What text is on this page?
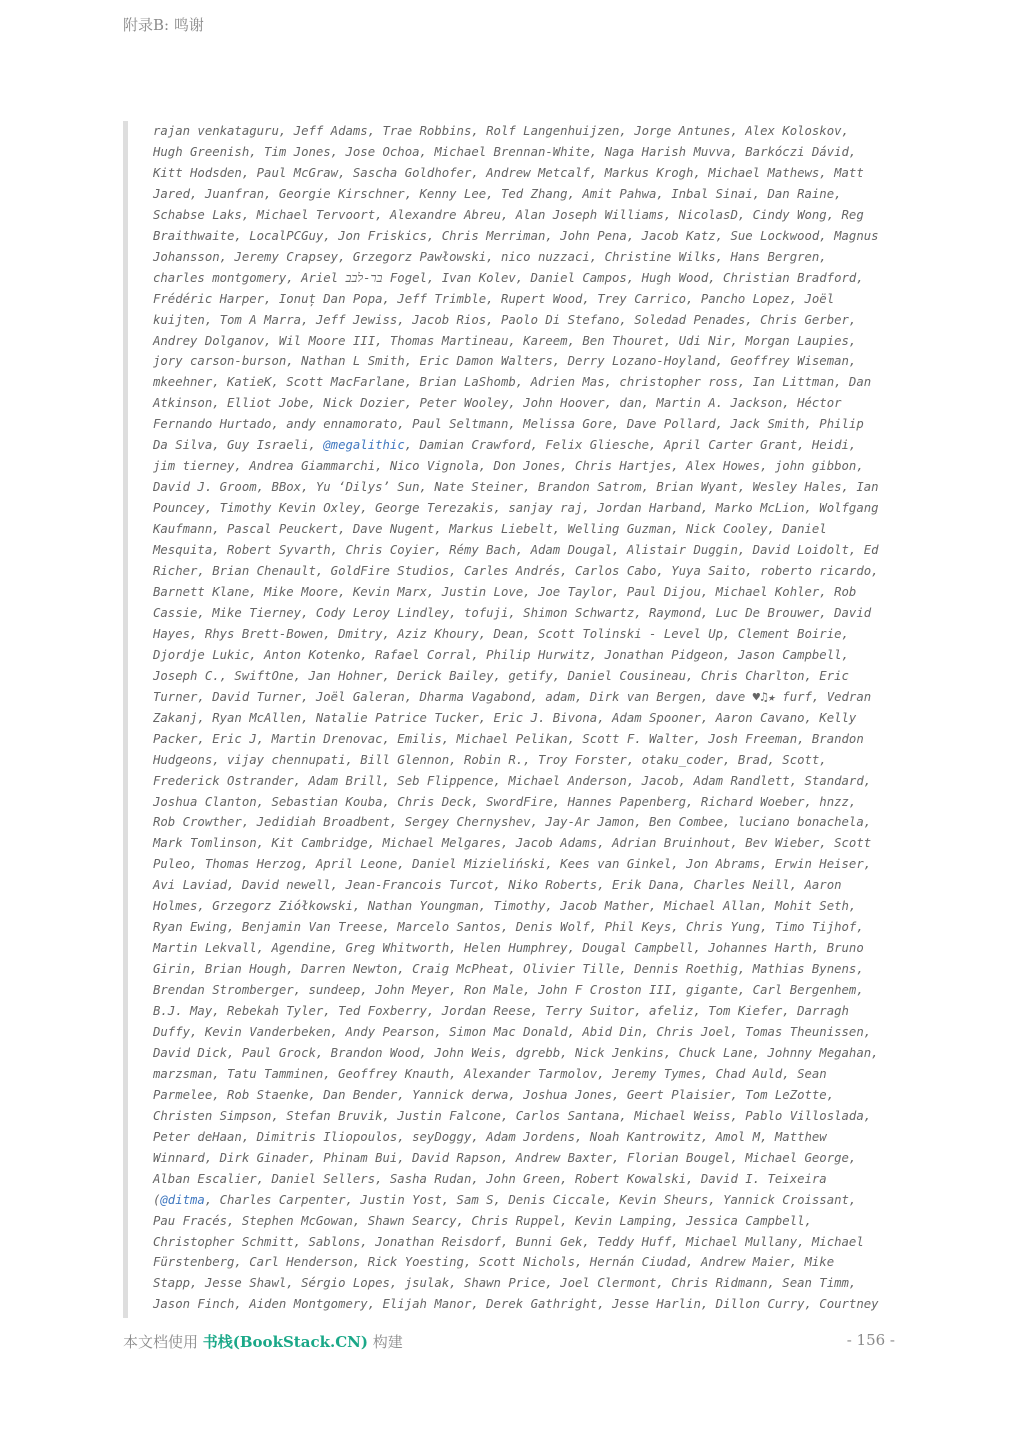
附录B: 鸣谢
rajan venkataguru, Jeff Adams, Trae Robbins, Rolf Langenhuijzen, Jorge Antunes, Alex Koloskov,
Hugh Greenish, Tim Jones, Jose Ochoa, Michael Brennan-White, Naga Harish Muvva, Barkóczi Dávid,
Kitt Hodsden, Paul McGraw, Sascha Goldhofer, Andrew Metcalf, Markus Krogh, Michael Mathews, Matt
Jared, Juanfran, Georgie Kirschner, Kenny Lee, Ted Zhang, Amit Pahwa, Inbal Sinai, Dan Raine,
Schabse Laks, Michael Tervoort, Alexandre Abreu, Alan Joseph Williams, NicolasD, Cindy Wong, Reg
Braithwaite, LocalPCGuy, Jon Friskics, Chris Merriman, John Pena, Jacob Katz, Sue Lockwood, Magnus
Johansson, Jeremy Crapsey, Grzegorz Pawłowski, nico nuzzaci, Christine Wilks, Hans Bergren,
charles montgomery, Ariel בר-לבב Fogel, Ivan Kolev, Daniel Campos, Hugh Wood, Christian Bradford,
Frédéric Harper, Ionuț Dan Popa, Jeff Trimble, Rupert Wood, Trey Carrico, Pancho Lopez, Joël
kuijten, Tom A Marra, Jeff Jewiss, Jacob Rios, Paolo Di Stefano, Soledad Penades, Chris Gerber,
Andrey Dolganov, Wil Moore III, Thomas Martineau, Kareem, Ben Thouret, Udi Nir, Morgan Laupies,
jory carson-burson, Nathan L Smith, Eric Damon Walters, Derry Lozano-Hoyland, Geoffrey Wiseman,
mkeehner, KatieK, Scott MacFarlane, Brian LaShomb, Adrien Mas, christopher ross, Ian Littman, Dan
Atkinson, Elliot Jobe, Nick Dozier, Peter Wooley, John Hoover, dan, Martin A. Jackson, Héctor
Fernando Hurtado, andy ennamorato, Paul Seltmann, Melissa Gore, Dave Pollard, Jack Smith, Philip
Da Silva, Guy Israeli, @megalithic, Damian Crawford, Felix Gliesche, April Carter Grant, Heidi,
jim tierney, Andrea Giammarchi, Nico Vignola, Don Jones, Chris Hartjes, Alex Howes, john gibbon,
David J. Groom, BBox, Yu ‘Dilys’ Sun, Nate Steiner, Brandon Satrom, Brian Wyant, Wesley Hales, Ian
Pouncey, Timothy Kevin Oxley, George Terezakis, sanjay raj, Jordan Harband, Marko McLion, Wolfgang
Kaufmann, Pascal Peuckert, Dave Nugent, Markus Liebelt, Welling Guzman, Nick Cooley, Daniel
Mesquita, Robert Syvarth, Chris Coyier, Rémy Bach, Adam Dougal, Alistair Duggin, David Loidolt, Ed
Richer, Brian Chenault, GoldFire Studios, Carles Andrés, Carlos Cabo, Yuya Saito, roberto ricardo,
Barnett Klane, Mike Moore, Kevin Marx, Justin Love, Joe Taylor, Paul Dijou, Michael Kohler, Rob
Cassie, Mike Tierney, Cody Leroy Lindley, tofuji, Shimon Schwartz, Raymond, Luc De Brouwer, David
Hayes, Rhys Brett-Bowen, Dmitry, Aziz Khoury, Dean, Scott Tolinski - Level Up, Clement Boirie,
Djordje Lukic, Anton Kotenko, Rafael Corral, Philip Hurwitz, Jonathan Pidgeon, Jason Campbell,
Joseph C., SwiftOne, Jan Hohner, Derick Bailey, getify, Daniel Cousineau, Chris Charlton, Eric
Turner, David Turner, Joël Galeran, Dharma Vagabond, adam, Dirk van Bergen, dave ♥♫★ furf, Vedran
Zakanj, Ryan McAllen, Natalie Patrice Tucker, Eric J. Bivona, Adam Spooner, Aaron Cavano, Kelly
Packer, Eric J, Martin Drenovac, Emilis, Michael Pelikan, Scott F. Walter, Josh Freeman, Brandon
Hudgeons, vijay chennupati, Bill Glennon, Robin R., Troy Forster, otaku_coder, Brad, Scott,
Frederick Ostrander, Adam Brill, Seb Flippence, Michael Anderson, Jacob, Adam Randlett, Standard,
Joshua Clanton, Sebastian Kouba, Chris Deck, SwordFire, Hannes Papenberg, Richard Woeber, hnzz,
Rob Crowther, Jedidiah Broadbent, Sergey Chernyshev, Jay-Ar Jamon, Ben Combee, luciano bonachela,
Mark Tomlinson, Kit Cambridge, Michael Melgares, Jacob Adams, Adrian Bruinhout, Bev Wieber, Scott
Puleo, Thomas Herzog, April Leone, Daniel Mizieliński, Kees van Ginkel, Jon Abrams, Erwin Heiser,
Avi Laviad, David newell, Jean-Francois Turcot, Niko Roberts, Erik Dana, Charles Neill, Aaron
Holmes, Grzegorz Ziółkowski, Nathan Youngman, Timothy, Jacob Mather, Michael Allan, Mohit Seth,
Ryan Ewing, Benjamin Van Treese, Marcelo Santos, Denis Wolf, Phil Keys, Chris Yung, Timo Tijhof,
Martin Lekvall, Agendine, Greg Whitworth, Helen Humphrey, Dougal Campbell, Johannes Harth, Bruno
Girin, Brian Hough, Darren Newton, Craig McPheat, Olivier Tille, Dennis Roethig, Mathias Bynens,
Brendan Stromberger, sundeep, John Meyer, Ron Male, John F Croston III, gigante, Carl Bergenhem,
B.J. May, Rebekah Tyler, Ted Foxberry, Jordan Reese, Terry Suitor, afeliz, Tom Kiefer, Darragh
Duffy, Kevin Vanderbeken, Andy Pearson, Simon Mac Donald, Abid Din, Chris Joel, Tomas Theunissen,
David Dick, Paul Grock, Brandon Wood, John Weis, dgrebb, Nick Jenkins, Chuck Lane, Johnny Megahan,
marzsman, Tatu Tamminen, Geoffrey Knauth, Alexander Tarmolov, Jeremy Tymes, Chad Auld, Sean
Parmelee, Rob Staenke, Dan Bender, Yannick derwa, Joshua Jones, Geert Plaisier, Tom LeZotte,
Christen Simpson, Stefan Bruvik, Justin Falcone, Carlos Santana, Michael Weiss, Pablo Villoslada,
Peter deHaan, Dimitris Iliopoulos, seyDoggy, Adam Jordens, Noah Kantrowitz, Amol M, Matthew
Winnard, Dirk Ginader, Phinam Bui, David Rapson, Andrew Baxter, Florian Bougel, Michael George,
Alban Escalier, Daniel Sellers, Sasha Rudan, John Green, Robert Kowalski, David I. Teixeira
(@ditma, Charles Carpenter, Justin Yost, Sam S, Denis Ciccale, Kevin Sheurs, Yannick Croissant,
Pau Fracés, Stephen McGowan, Shawn Searcy, Chris Ruppel, Kevin Lamping, Jessica Campbell,
Christopher Schmitt, Sablons, Jonathan Reisdorf, Bunni Gek, Teddy Huff, Michael Mullany, Michael
Fürstenberg, Carl Henderson, Rick Yoesting, Scott Nichols, Hernán Ciudad, Andrew Maier, Mike
Stapp, Jesse Shawl, Sérgio Lopes, jsulak, Shawn Price, Joel Clermont, Chris Ridmann, Sean Timm,
Jason Finch, Aiden Montgomery, Elijah Manor, Derek Gathright, Jesse Harlin, Dillon Curry, Courtney
本文档使用 书栈(BookStack.CN) 构建	- 156 -
